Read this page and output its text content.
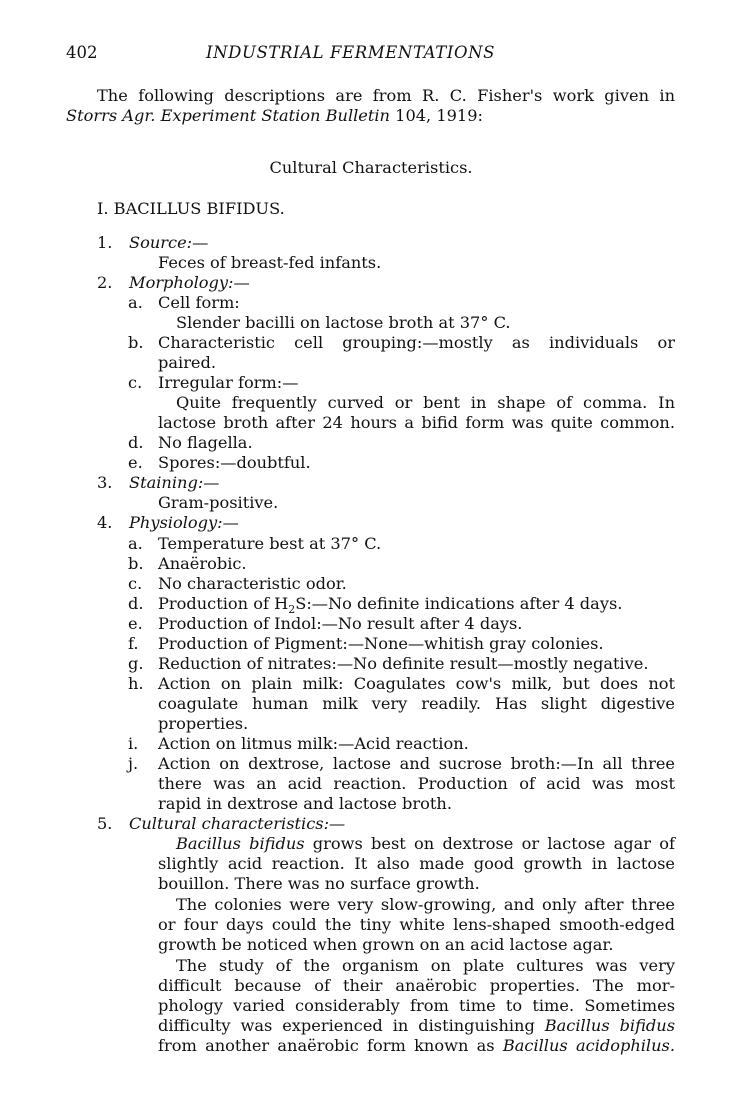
402	INDUSTRIAL FERMENTATIONS
The following descriptions are from R. C. Fisher's work given in
Storrs Agr. Experiment Station Bulletin 104, 1919:
Cultural Characteristics.
I. BACILLUS BIFIDUS.
1. Source:—
Feces of breast-fed infants.
2. Morphology:—
a. Cell form:
Slender bacilli on lactose broth at 37° C.
b. Characteristic cell grouping:—mostly as individuals or
paired.
c. Irregular form:—
Quite frequently curved or bent in shape of comma. In
lactose broth after 24 hours a bifid form was quite common.
d. No flagella.
e. Spores:—doubtful.
3. Staining:—
Gram-positive.
4. Physiology:—
a. Temperature best at 37° C.
b. Anaërobic.
c. No characteristic odor.
d. Production of $H_2S:—No$ definite indications after 4 days.
e. Production of Indol:—No result after 4 days.
f. Production of Pigment:—None—whitish gray colonies.
g. Reduction of nitrates:—No definite result—mostly negative.
h. Action on plain milk: Coagulates cow's milk, but does not
coagulate human milk very readily. Has slight digestive
properties.
i. Action on litmus milk:—Acid reaction.
j. Action on dextrose, lactose and sucrose broth:—In all three
there was an acid reaction. Production of acid was most
rapid in dextrose and lactose broth.
5. Cultural characteristics:—
Bacillus bifidus grows best on dextrose or lactose agar of
slightly acid reaction. It also made good growth in lactose
bouillon. There was no surface growth.
The colonies were very slow-growing, and only after three
or four days could the tiny white lens-shaped smooth-edged
growth be noticed when grown on an acid lactose agar.
The study of the organism on plate cultures was very
difficult because of their anaërobic properties. The mor-
phology varied considerably from time to time. Sometimes
difficulty was experienced in distinguishing Bacillus bifidus
from another anaërobic form known as Bacillus acidophilus.
